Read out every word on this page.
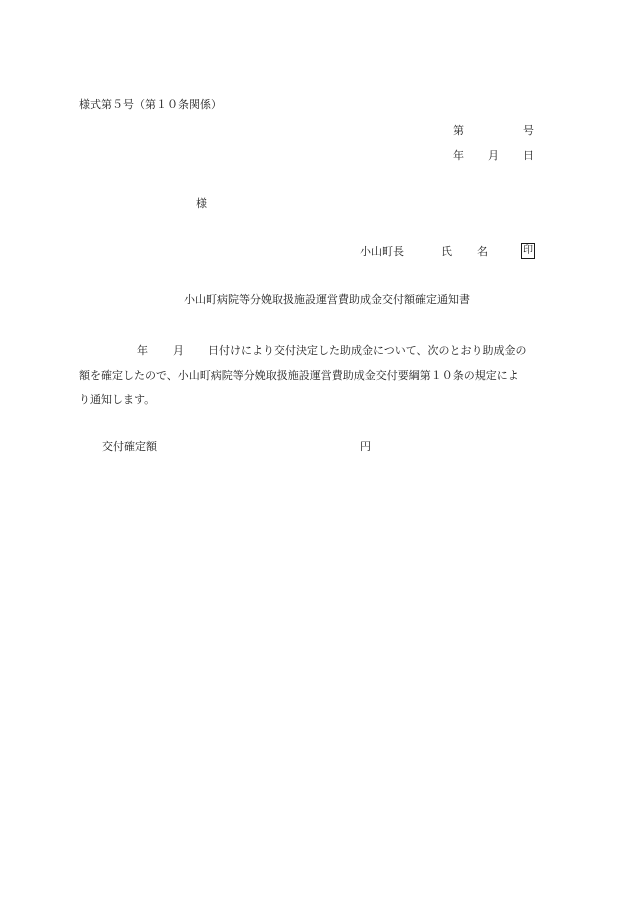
様式第５号（第１０条関係）
第	号
年 月 日
様
小山町長	氏 名	印
小山町病院等分娩取扱施設運営費助成金交付額確定通知書
年 月 日付けにより交付決定した助成金について、次のとおり助成金の
額を確定したので、小山町病院等分娩取扱施設運営費助成金交付要綱第１０条の規定によ
り通知します。
交付確定額	円
